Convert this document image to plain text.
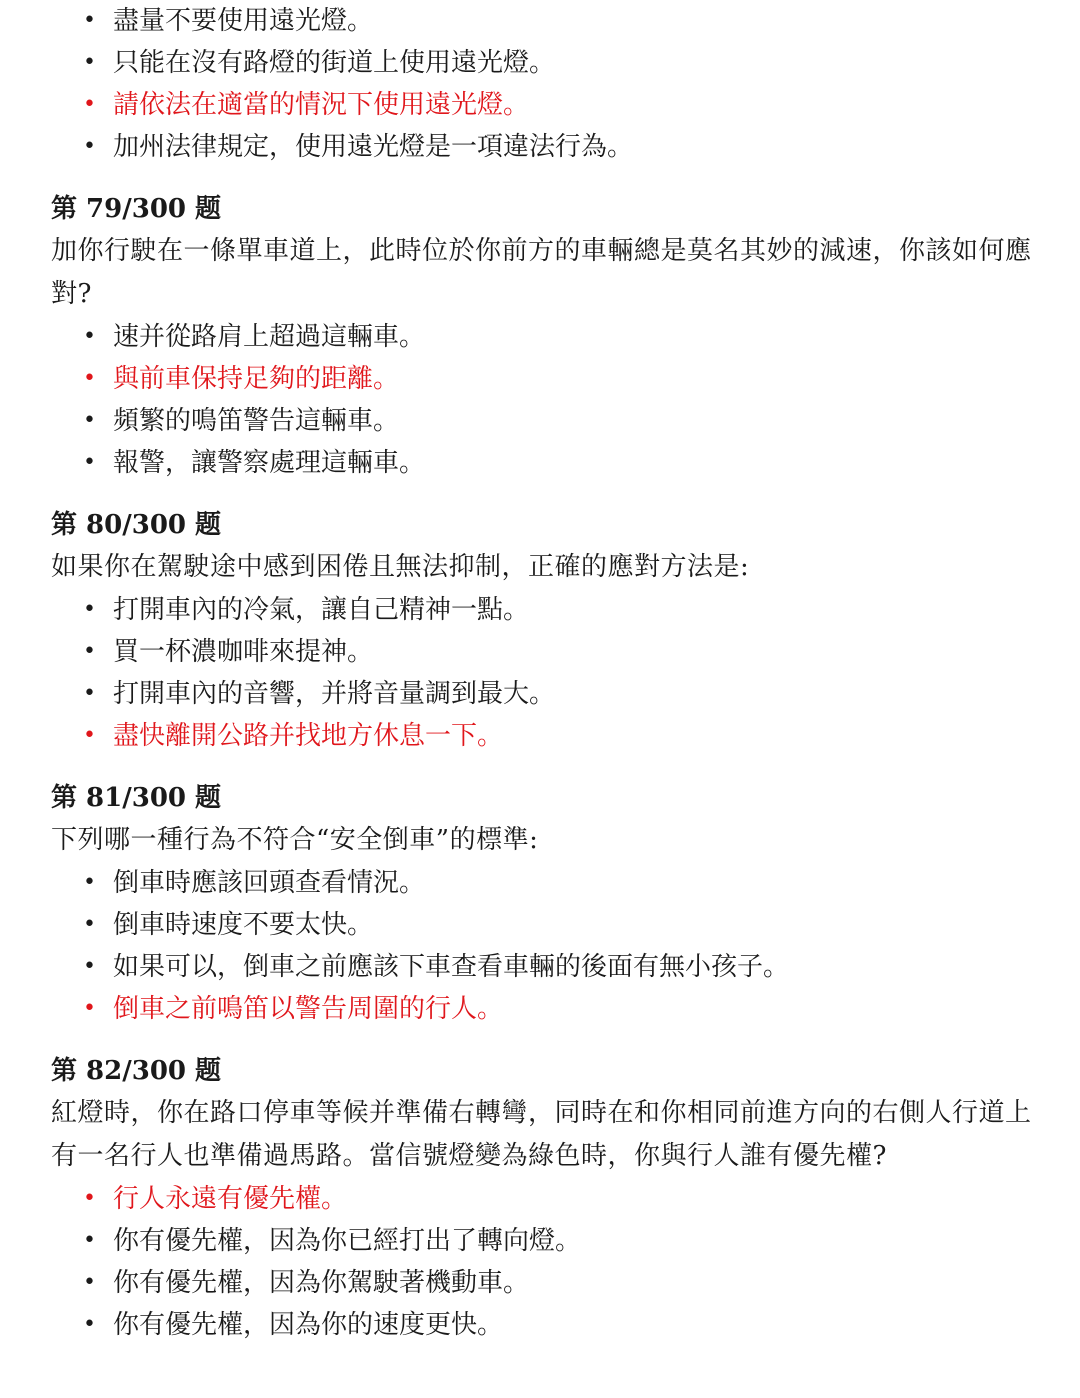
• 盡量不要使用遠光燈。
• 只能在沒有路燈的街道上使用遠光燈。
• 請依法在適當的情況下使用遠光燈。
• 加州法律規定，使用遠光燈是一項違法行為。
第 79/300 题
加你行駛在一條單車道上，此時位於你前方的車輛總是莫名其妙的減速，你該如何應對?
• 速并從路肩上超過這輛車。
• 與前車保持足夠的距離。
• 頻繁的鳴笛警告這輛車。
• 報警，讓警察處理這輛車。
第 80/300 题
如果你在駕駛途中感到困倦且無法抑制，正確的應對方法是:
• 打開車內的冷氣，讓自己精神一點。
• 買一杯濃咖啡來提神。
• 打開車內的音響，并將音量調到最大。
• 盡快離開公路并找地方休息一下。
第 81/300 题
下列哪一種行為不符合“安全倒車”的標準:
• 倒車時應該回頭查看情況。
• 倒車時速度不要太快。
• 如果可以，倒車之前應該下車查看車輛的後面有無小孩子。
• 倒車之前鳴笛以警告周圍的行人。
第 82/300 题
紅燈時，你在路口停車等候并準備右轉彎，同時在和你相同前進方向的右側人行道上有一名行人也準備過馬路。當信號燈變為綠色時，你與行人誰有優先權?
• 行人永遠有優先權。
• 你有優先權，因為你已經打出了轉向燈。
• 你有優先權，因為你駕駛著機動車。
• 你有優先權，因為你的速度更快。
